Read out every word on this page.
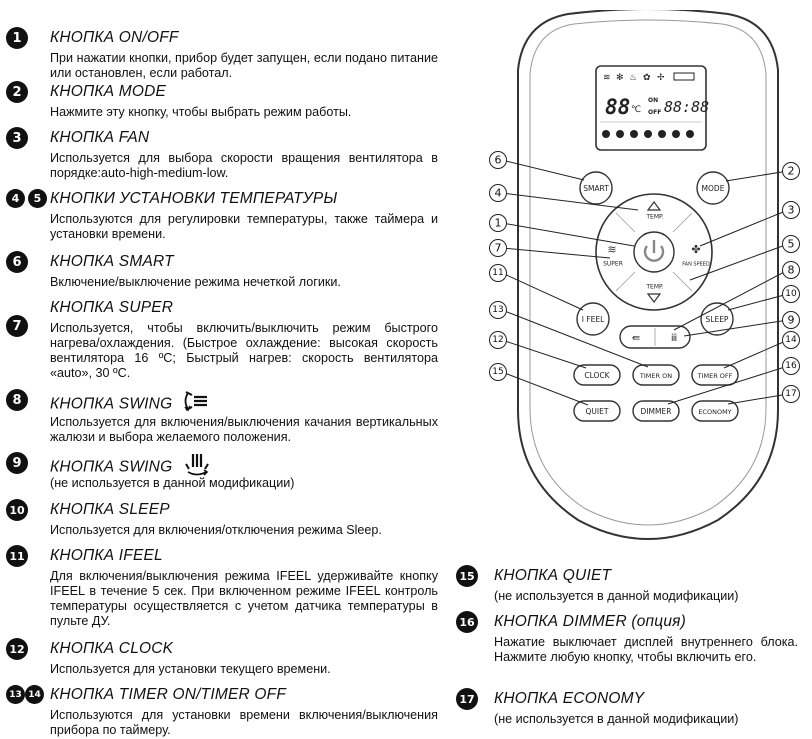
1	КНОПКА ON/OFF
При нажатии кнопки, прибор будет запущен, если подано питание или остановлен, если работал.
2	КНОПКА MODE
Нажмите эту кнопку, чтобы выбрать режим работы.
3	КНОПКА FAN
Используется для выбора скорости вращения вентилятора в порядке:auto-high-medium-low.
4	5 КНОПКИ УСТАНОВКИ ТЕМПЕРАТУРЫ
Используются для регулировки температуры, также таймера и установки времени.
6	КНОПКА SMART
Включение/выключение режима нечеткой логики.
7
КНОПКА SUPER
Используется, чтобы включить/выключить режим быстрого нагрева/охлаждения. (Быстрое охлаждение: высокая скорость вентилятора 16 ºC; Быстрый нагрев: скорость вентилятора «auto», 30 ºC.
8	КНОПКА SWING
Используется для включения/выключения качания вертикальных жалюзи и выбора желаемого положения.
9	КНОПКА SWING
(не используется в данной модификации)
10 КНОПКА SLEEP
Используется для включения/отключения режима Sleep.
11 КНОПКА IFEEL
Для включения/выключения режима IFEEL удерживайте кнопку IFEEL в течение 5 сек. При включенном режиме IFEEL контроль температуры осуществляется с учетом датчика температуры в пульте ДУ.
12 КНОПКА CLOCK
Используется для установки текущего времени.
13 14 КНОПКА TIMER ON/TIMER OFF
Используются для установки времени включения/выключения прибора по таймеру.
15 КНОПКА QUIET
(не используется в данной модификации)
16 КНОПКА DIMMER (опция)
Нажатие выключает дисплей внутреннего блока. Нажмите любую кнопку, чтобы включить его.
17 КНОПКА ECONOMY
(не используется в данной модификации)
≋ ✻ ♨ ✿ ✢
88 ℃
ON
OFF 88:88
SMART	MODE
TEMP.
TEMP.
≋
SUPER
✤
FAN SPEED
I FEEL	SLEEP
⇚	ⅲ
CLOCK	TIMER ON	TIMER OFF
QUIET	DIMMER	ECONOMY
6
4
1
7
11
13
12
15
2
3
5
8
10
9
14
16
17
